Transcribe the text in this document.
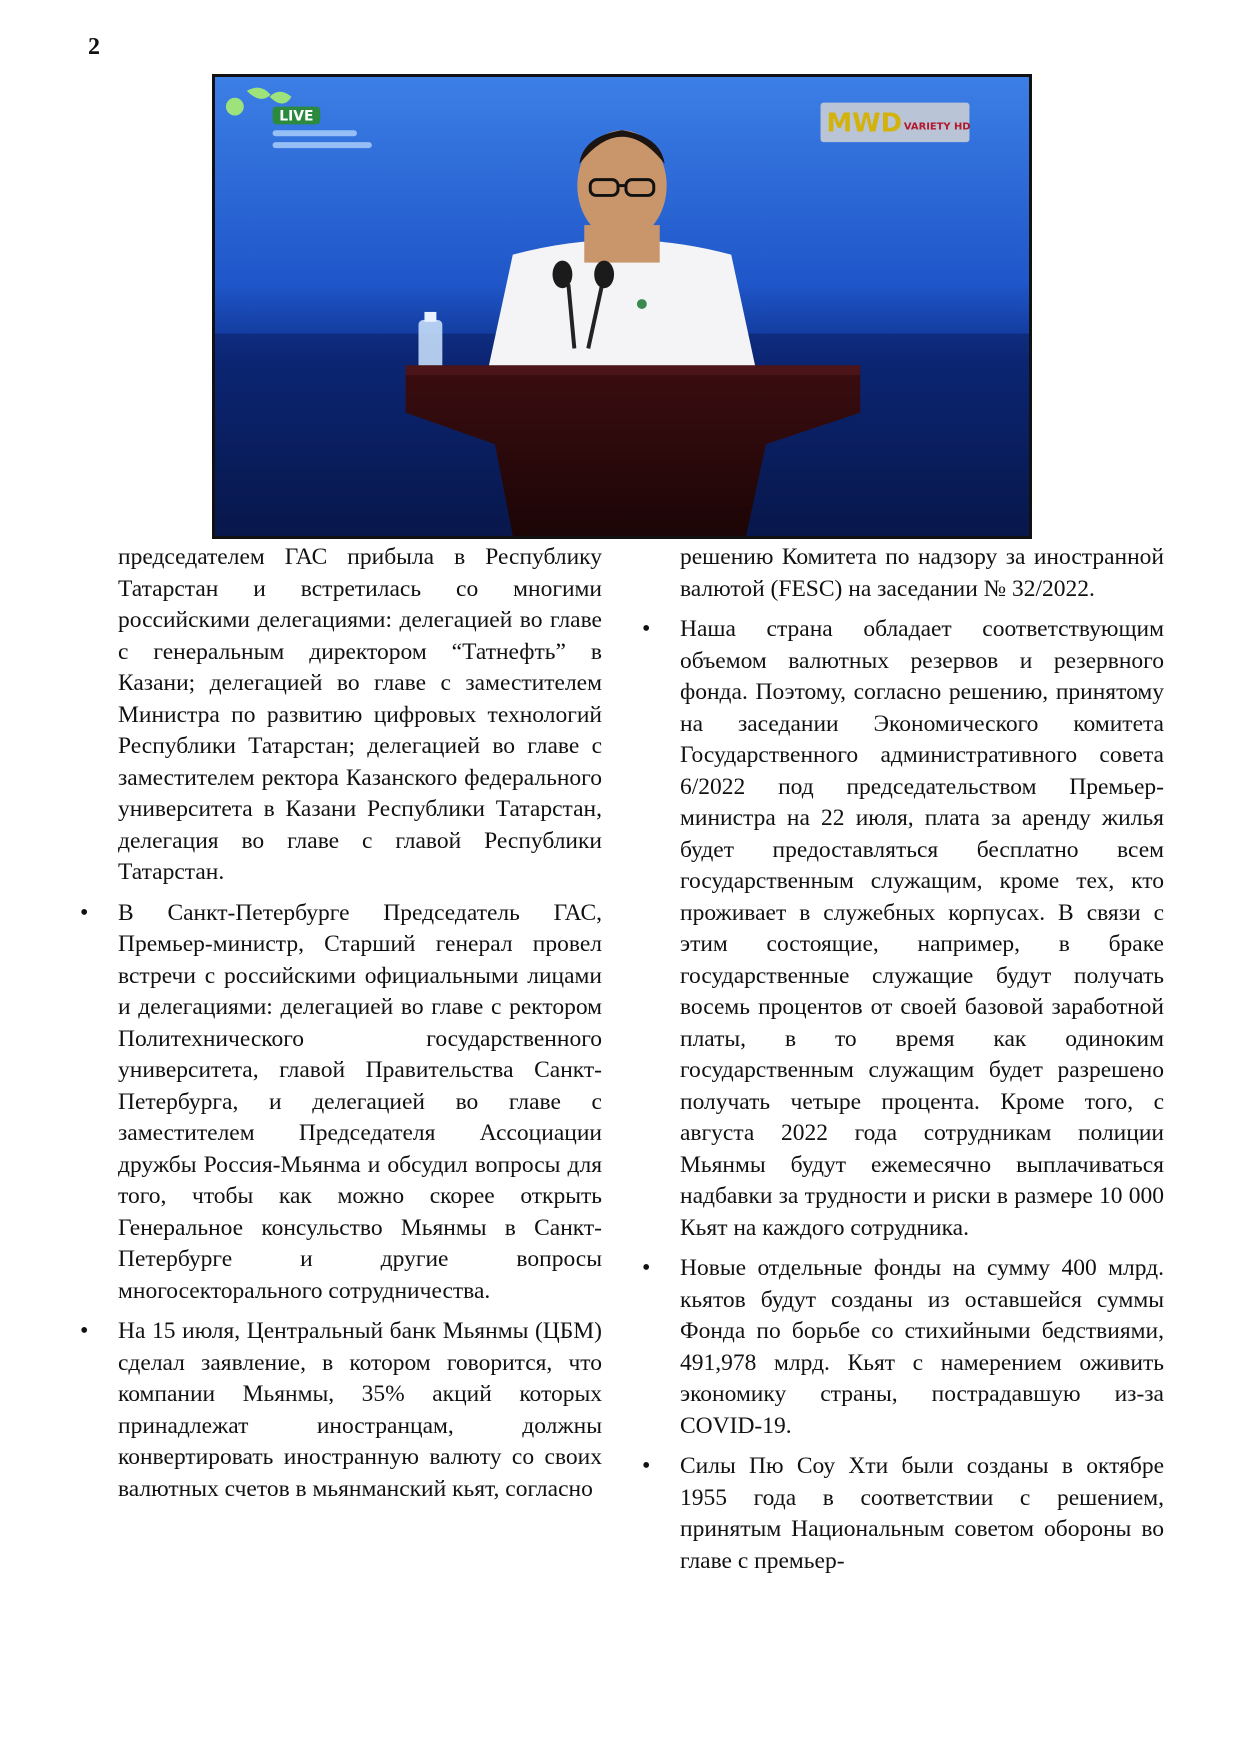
2
LIVE	MWD VARIETY HD

председателем ГАС прибыла в Республику Татарстан и встретилась со многими российскими делегациями: делегацией во главе с генеральным директором “Татнефть” в Казани; делегацией во главе с заместителем Министра по развитию цифровых технологий Республики Татарстан; делегацией во главе с заместителем ректора Казанского федерального университета в Казани Республики Татарстан, делегация во главе с главой Республики Татарстан.

• В Санкт-Петербурге Председатель ГАС, Премьер-министр, Старший генерал провел встречи с российскими официальными лицами и делегациями: делегацией во главе с ректором Политехнического государственного университета, главой Правительства Санкт-Петербурга, и делегацией во главе с заместителем Председателя Ассоциации дружбы Россия-Мьянма и обсудил вопросы для того, чтобы как можно скорее открыть Генеральное консульство Мьянмы в Санкт-Петербурге и другие вопросы многосекторального сотрудничества.
• На 15 июля, Центральный банк Мьянмы (ЦБМ) сделал заявление, в котором говорится, что компании Мьянмы, 35% акций которых принадлежат иностранцам, должны конвертировать иностранную валюту со своих валютных счетов в мьянманский кьят, согласно

решению Комитета по надзору за иностранной валютой (FESC) на заседании № 32/2022.

• Наша страна обладает соответствующим объемом валютных резервов и резервного фонда. Поэтому, согласно решению, принятому на заседании Экономического комитета Государственного административного совета 6/2022 под председательством Премьер-министра на 22 июля, плата за аренду жилья будет предоставляться бесплатно всем государственным служащим, кроме тех, кто проживает в служебных корпусах. В связи с этим состоящие, например, в браке государственные служащие будут получать восемь процентов от своей базовой заработной платы, в то время как одиноким государственным служащим будет разрешено получать четыре процента. Кроме того, с августа 2022 года сотрудникам полиции Мьянмы будут ежемесячно выплачиваться надбавки за трудности и риски в размере 10 000 Кьят на каждого сотрудника.
• Новые отдельные фонды на сумму 400 млрд. кьятов будут созданы из оставшейся суммы Фонда по борьбе со стихийными бедствиями, 491,978 млрд. Кьят с намерением оживить экономику страны, пострадавшую из-за COVID-19.
• Силы Пю Соу Хти были созданы в октябре 1955 года в соответствии с решением, принятым Национальным советом обороны во главе с премьер-
